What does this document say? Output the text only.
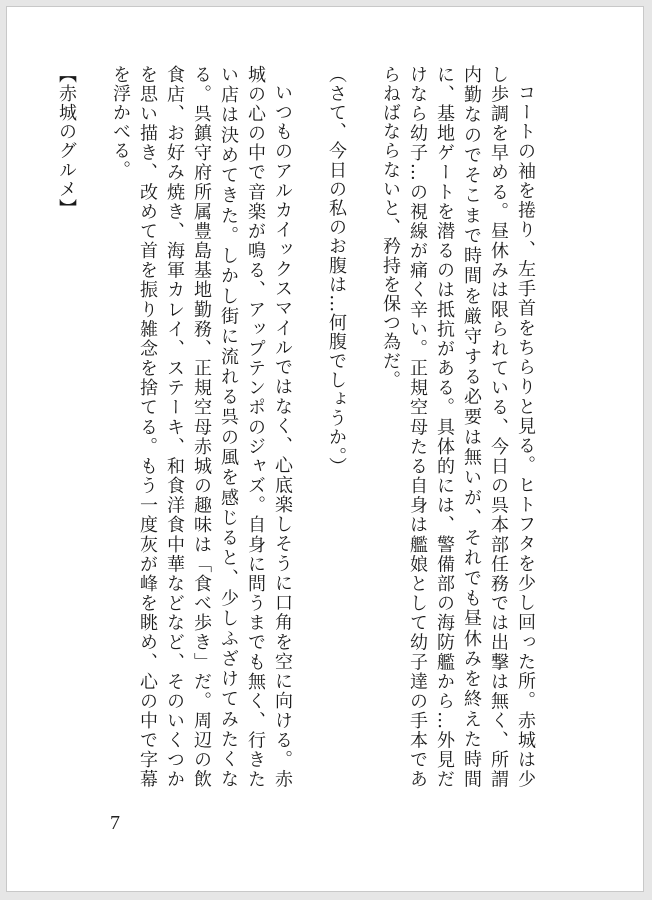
コートの袖を捲り、左手首をちらりと見る。ヒトフタを少し回った所。赤城は少し歩調を早める。昼休みは限られている、今日の呉本部任務では出撃は無く、所謂内勤なのでそこまで時間を厳守する必要は無いが、それでも昼休みを終えた時間に、基地ゲートを潜るのは抵抗がある。具体的には、警備部の海防艦から…外見だけなら幼子…の視線が痛く辛い。正規空母たる自身は艦娘として幼子達の手本であらねばならないと、矜持を保つ為だ。

（さて、今日の私のお腹は…何腹でしょうか。）

いつものアルカイックスマイルではなく、心底楽しそうに口角を空に向ける。赤城の心の中で音楽が鳴る、アップテンポのジャズ。自身に問うまでも無く、行きたい店は決めてきた。しかし街に流れる呉の風を感じると、少しふざけてみたくなる。呉鎮守府所属豊島基地勤務、正規空母赤城の趣味は「食べ歩き」だ。周辺の飲食店、お好み焼き、海軍カレイ、ステーキ、和食洋食中華などなど、そのいくつかを思い描き、改めて首を振り雑念を捨てる。もう一度灰が峰を眺め、心の中で字幕を浮かべる。

【赤城のグルメ】

7
